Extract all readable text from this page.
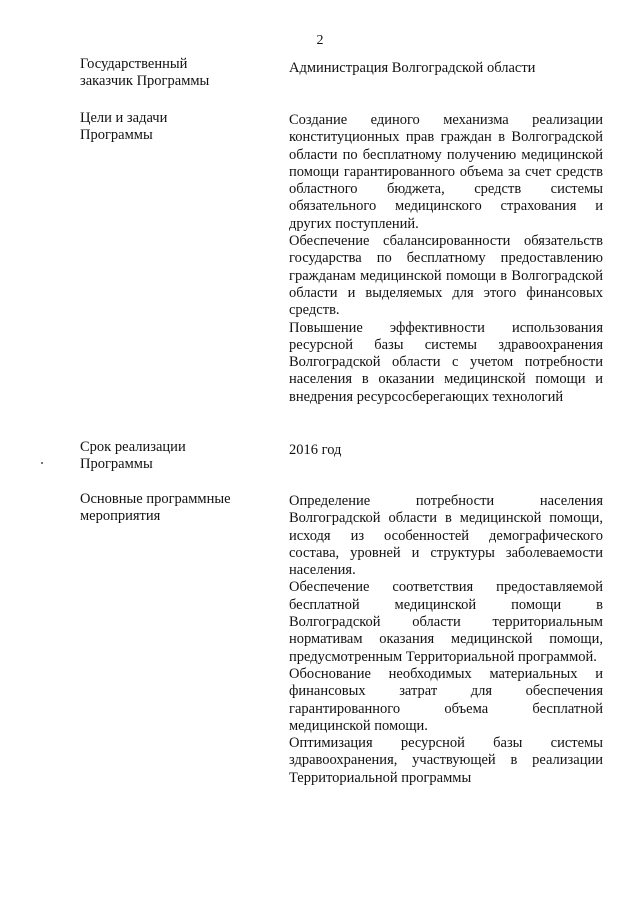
2
Государственный
заказчик Программы
Администрация Волгоградской области
Цели и задачи
Программы
Создание единого механизма реализации конституционных прав граждан в Волгоградской области по бесплатному получению медицинской помощи гарантированного объема за счет средств областного бюджета, средств системы обязательного медицинского страхования и других поступлений.
Обеспечение сбалансированности обязательств государства по бесплатному предоставлению гражданам медицинской помощи в Волгоградской области и выделяемых для этого финансовых средств.
Повышение эффективности использования ресурсной базы системы здравоохранения Волгоградской области с учетом потребности населения в оказании медицинской помощи и внедрения ресурсосберегающих технологий
Срок реализации
Программы
2016 год
Основные программные
мероприятия
Определение потребности населения Волгоградской области в медицинской помощи, исходя из особенностей демографического состава, уровней и структуры заболеваемости населения.
Обеспечение соответствия предоставляемой бесплатной медицинской помощи в Волгоградской области территориальным нормативам оказания медицинской помощи, предусмотренным Территориальной программой.
Обоснование необходимых материальных и финансовых затрат для обеспечения гарантированного объема бесплатной медицинской помощи.
Оптимизация ресурсной базы системы здравоохранения, участвующей в реализации Территориальной программы
